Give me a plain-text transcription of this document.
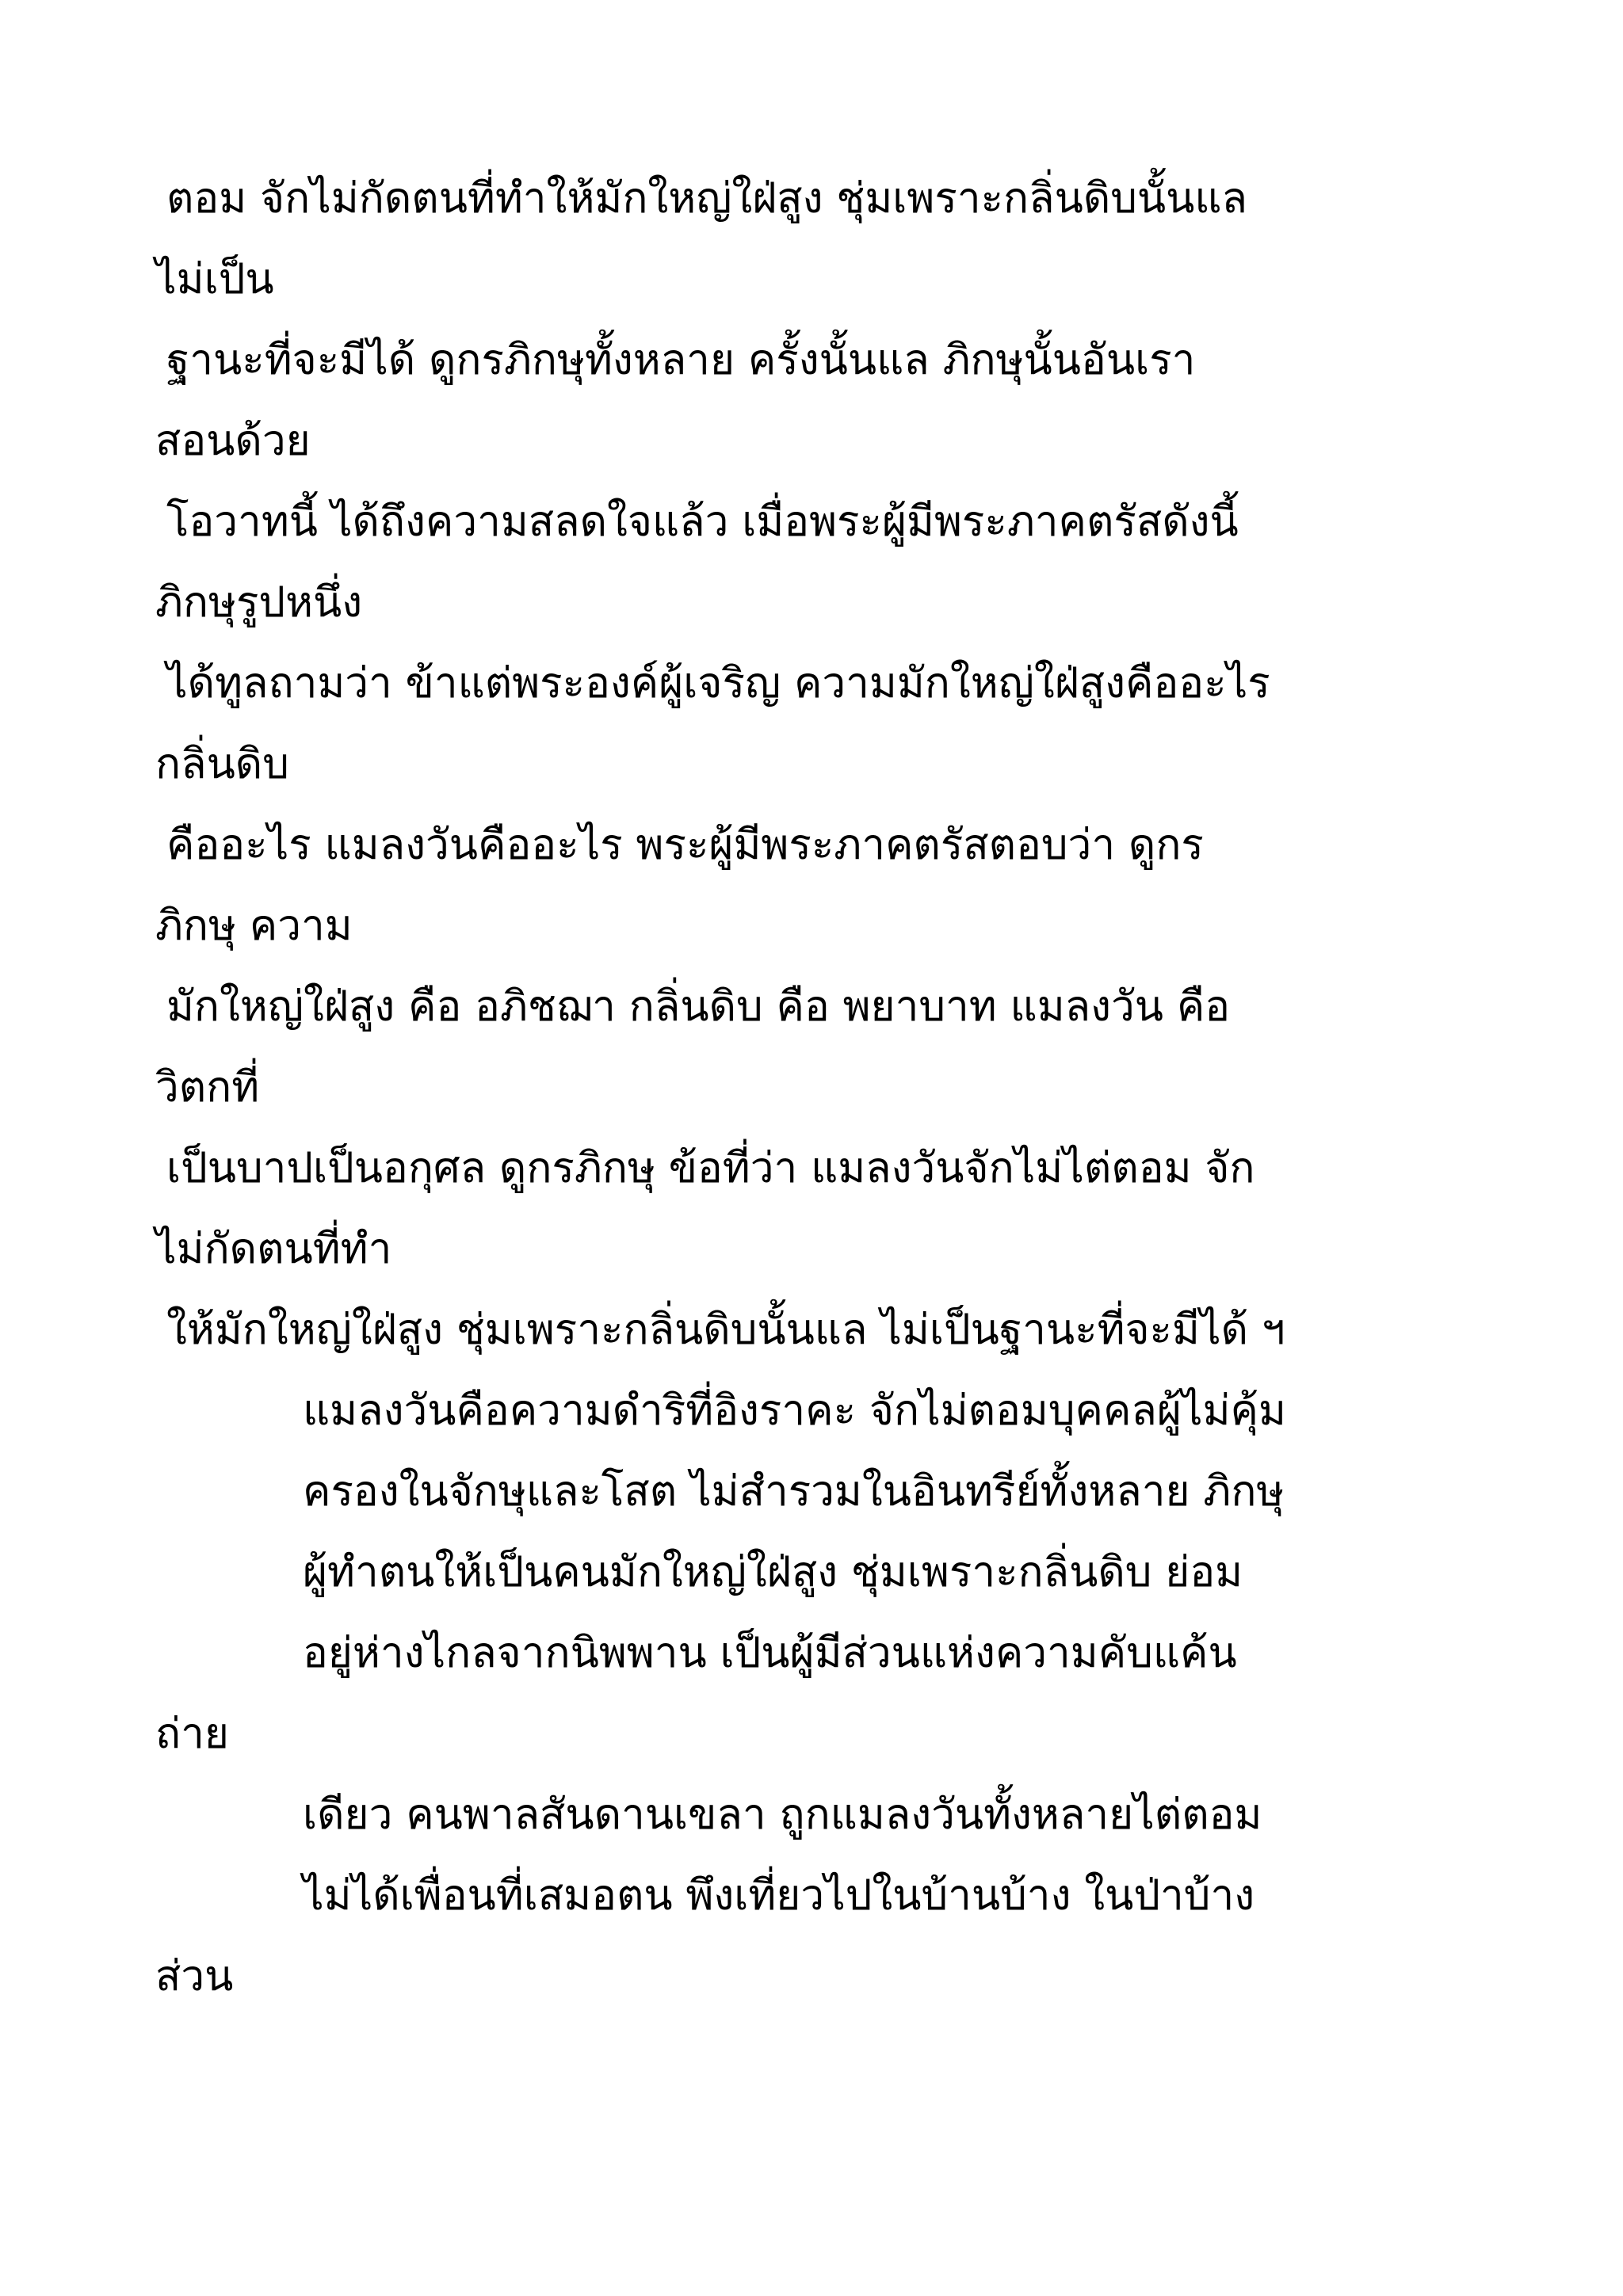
ตอม จักไม่กัดตนที่ทำให้มักใหญ่ใฝ่สูง ชุ่มเพราะกลิ่นดิบนั้นแล
ไม่เป็น
ฐานะที่จะมีได้ ดูกรภิกษุทั้งหลาย ครั้งนั้นแล ภิกษุนั้นอันเรา
สอนด้วย
โอวาทนี้ ได้ถึงความสลดใจแล้ว เมื่อพระผู้มีพระภาคตรัสดังนี้
ภิกษุรูปหนึ่ง
ได้ทูลถามว่า ข้าแต่พระองค์ผู้เจริญ ความมักใหญ่ใฝ่สูงคืออะไร
กลิ่นดิบ
คืออะไร แมลงวันคืออะไร พระผู้มีพระภาคตรัสตอบว่า ดูกร
ภิกษุ ความ
มักใหญ่ใฝ่สูง คือ อภิชฌา กลิ่นดิบ คือ พยาบาท แมลงวัน คือ
วิตกที่
เป็นบาปเป็นอกุศล ดูกรภิกษุ ข้อที่ว่า แมลงวันจักไม่ไต่ตอม จัก
ไม่กัดตนที่ทำ
ให้มักใหญ่ใฝ่สูง ชุ่มเพราะกลิ่นดิบนั้นแล ไม่เป็นฐานะที่จะมีได้ ฯ
แมลงวันคือความดำริที่อิงราคะ จักไม่ตอมบุคคลผู้ไม่คุ้ม
ครองในจักษุและโสต ไม่สำรวมในอินทรีย์ทั้งหลาย ภิกษุ
ผู้ทำตนให้เป็นคนมักใหญ่ใฝ่สูง ชุ่มเพราะกลิ่นดิบ ย่อม
อยู่ห่างไกลจากนิพพาน เป็นผู้มีส่วนแห่งความคับแค้น
ถ่าย
เดียว คนพาลสันดานเขลา ถูกแมลงวันทั้งหลายไต่ตอม
ไม่ได้เพื่อนที่เสมอตน พึงเที่ยวไปในบ้านบ้าง ในป่าบ้าง
ส่วน
